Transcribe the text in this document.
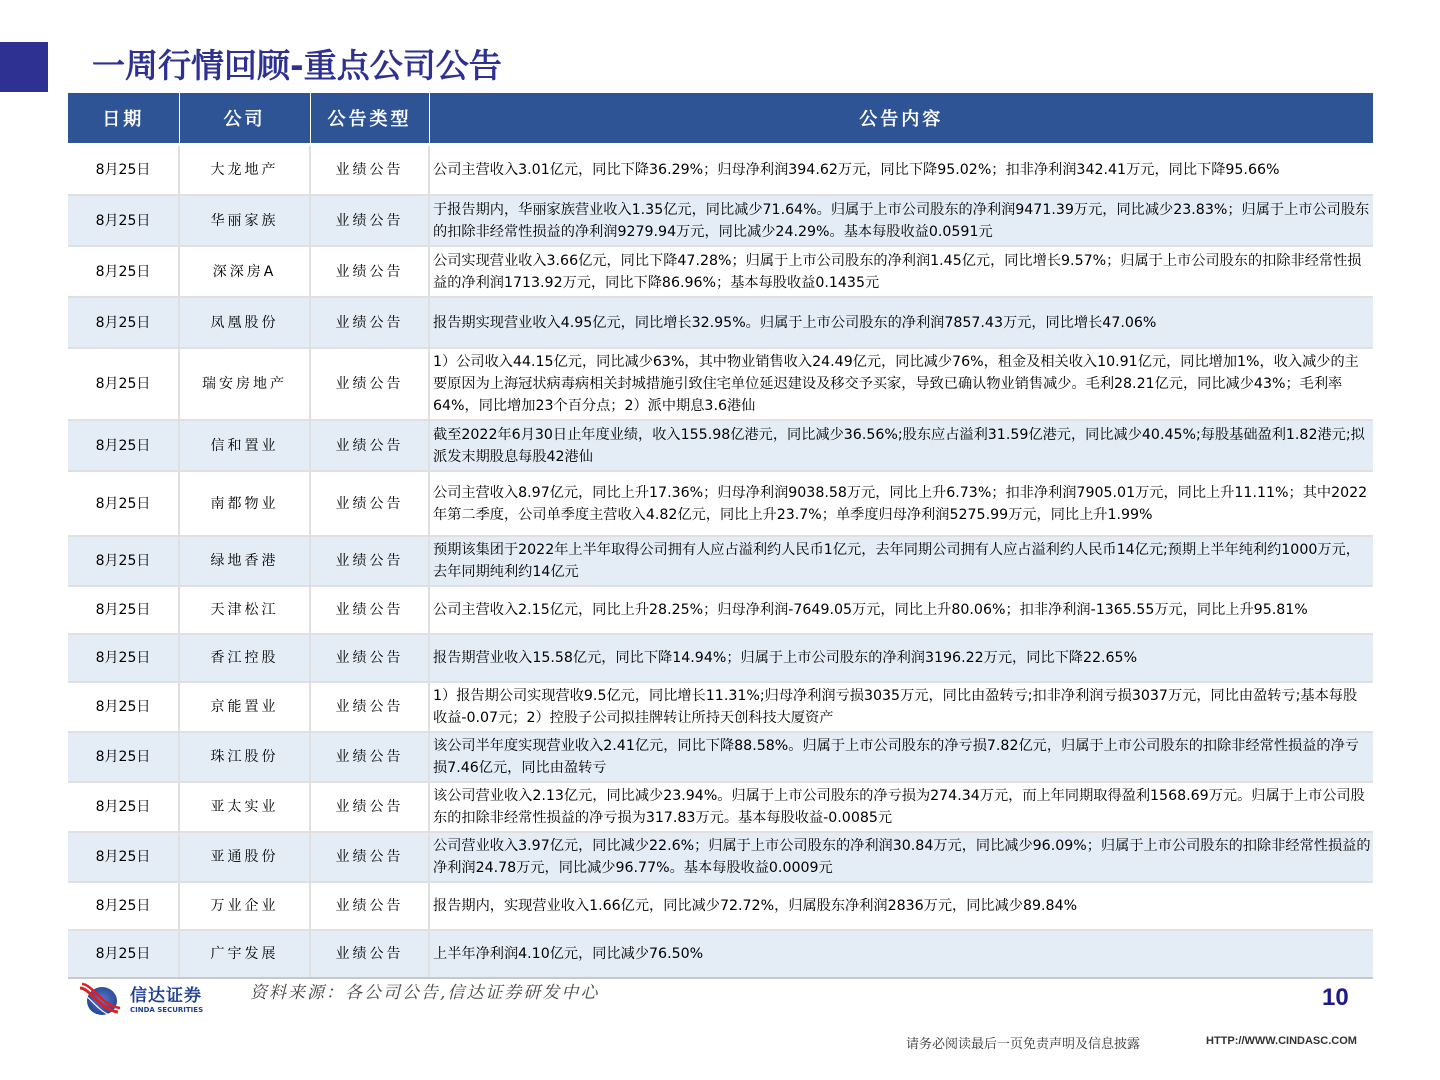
一周行情回顾-重点公司公告
日期	公司	公告类型	公告内容
8月25日	大龙地产	业绩公告	公司主营收入3.01亿元，同比下降36.29%；归母净利润394.62万元，同比下降95.02%；扣非净利润342.41万元，同比下降95.66%
8月25日	华丽家族	业绩公告	于报告期内，华丽家族营业收入1.35亿元，同比减少71.64%。归属于上市公司股东的净利润9471.39万元，同比减少23.83%；归属于上市公司股东的扣除非经常性损益的净利润9279.94万元，同比减少24.29%。基本每股收益0.0591元
8月25日	深深房A	业绩公告	公司实现营业收入3.66亿元，同比下降47.28%；归属于上市公司股东的净利润1.45亿元，同比增长9.57%；归属于上市公司股东的扣除非经常性损益的净利润1713.92万元，同比下降86.96%；基本每股收益0.1435元
8月25日	凤凰股份	业绩公告	报告期实现营业收入4.95亿元，同比增长32.95%。归属于上市公司股东的净利润7857.43万元，同比增长47.06%
8月25日	瑞安房地产	业绩公告	1）公司收入44.15亿元，同比减少63%，其中物业销售收入24.49亿元，同比减少76%，租金及相关收入10.91亿元，同比增加1%，收入减少的主要原因为上海冠状病毒病相关封城措施引致住宅单位延迟建设及移交予买家，导致已确认物业销售减少。毛利28.21亿元，同比减少43%；毛利率64%，同比增加23个百分点；2）派中期息3.6港仙
8月25日	信和置业	业绩公告	截至2022年6月30日止年度业绩，收入155.98亿港元，同比减少36.56%;股东应占溢利31.59亿港元，同比减少40.45%;每股基础盈利1.82港元;拟派发末期股息每股42港仙
8月25日	南都物业	业绩公告	公司主营收入8.97亿元，同比上升17.36%；归母净利润9038.58万元，同比上升6.73%；扣非净利润7905.01万元，同比上升11.11%；其中2022年第二季度，公司单季度主营收入4.82亿元，同比上升23.7%；单季度归母净利润5275.99万元，同比上升1.99%
8月25日	绿地香港	业绩公告	预期该集团于2022年上半年取得公司拥有人应占溢利约人民币1亿元，去年同期公司拥有人应占溢利约人民币14亿元;预期上半年纯利约1000万元，去年同期纯利约14亿元
8月25日	天津松江	业绩公告	公司主营收入2.15亿元，同比上升28.25%；归母净利润-7649.05万元，同比上升80.06%；扣非净利润-1365.55万元，同比上升95.81%
8月25日	香江控股	业绩公告	报告期营业收入15.58亿元，同比下降14.94%；归属于上市公司股东的净利润3196.22万元，同比下降22.65%
8月25日	京能置业	业绩公告	1）报告期公司实现营收9.5亿元，同比增长11.31%;归母净利润亏损3035万元，同比由盈转亏;扣非净利润亏损3037万元，同比由盈转亏;基本每股收益-0.07元；2）控股子公司拟挂牌转让所持天创科技大厦资产
8月25日	珠江股份	业绩公告	该公司半年度实现营业收入2.41亿元，同比下降88.58%。归属于上市公司股东的净亏损7.82亿元，归属于上市公司股东的扣除非经常性损益的净亏损7.46亿元，同比由盈转亏
8月25日	亚太实业	业绩公告	该公司营业收入2.13亿元，同比减少23.94%。归属于上市公司股东的净亏损为274.34万元，而上年同期取得盈利1568.69万元。归属于上市公司股东的扣除非经常性损益的净亏损为317.83万元。基本每股收益-0.0085元
8月25日	亚通股份	业绩公告	公司营业收入3.97亿元，同比减少22.6%；归属于上市公司股东的净利润30.84万元，同比减少96.09%；归属于上市公司股东的扣除非经常性损益的净利润24.78万元，同比减少96.77%。基本每股收益0.0009元
8月25日	万业企业	业绩公告	报告期内，实现营业收入1.66亿元，同比减少72.72%，归属股东净利润2836万元，同比减少89.84%
8月25日	广宇发展	业绩公告	上半年净利润4.10亿元，同比减少76.50%
信达证券
CINDA SECURITIES
资料来源：各公司公告,信达证券研发中心	10
请务必阅读最后一页免责声明及信息披露	HTTP://WWW.CINDASC.COM
